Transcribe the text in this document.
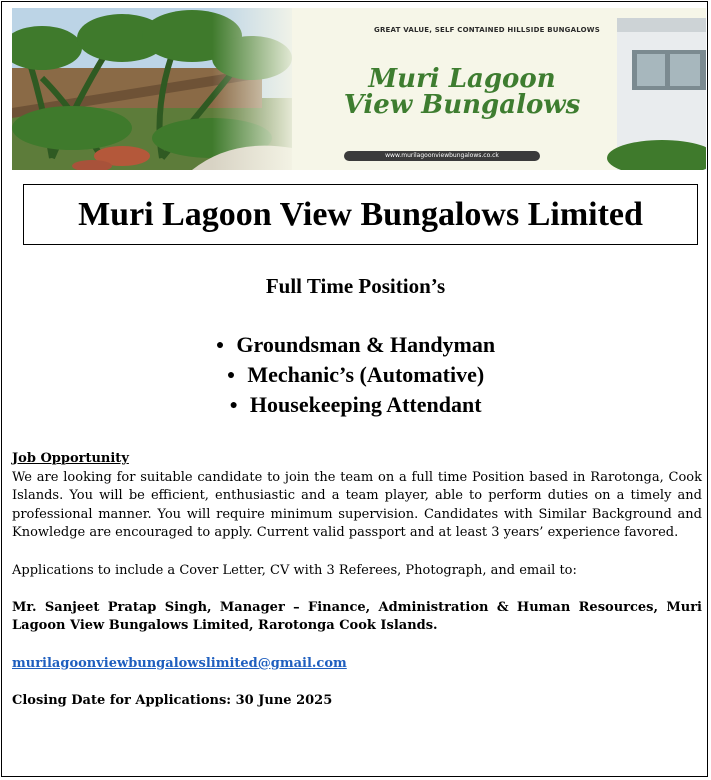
GREAT VALUE, SELF CONTAINED HILLSIDE BUNGALOWS
Muri Lagoon
View Bungalows
www.murilagoonviewbungalows.co.ck
Muri Lagoon View Bungalows Limited
Full Time Position’s
● Groundsman & Handyman
● Mechanic’s (Automative)
● Housekeeping Attendant
Job Opportunity

We are looking for suitable candidate to join the team on a full time Position based in Rarotonga, Cook Islands. You will be efficient, enthusiastic and a team player, able to perform duties on a timely and professional manner. You will require minimum supervision. Candidates with Similar Background and Knowledge are encouraged to apply. Current valid passport and at least 3 years’ experience favored.

Applications to include a Cover Letter, CV with 3 Referees, Photograph, and email to:

Mr. Sanjeet Pratap Singh, Manager – Finance, Administration & Human Resources, Muri Lagoon View Bungalows Limited, Rarotonga Cook Islands.

murilagoonviewbungalowslimited@gmail.com

Closing Date for Applications: 30 June 2025
